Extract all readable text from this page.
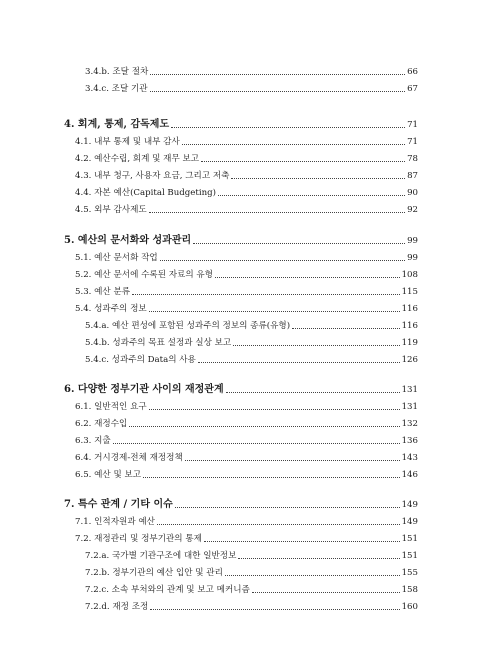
3.4.b. 조달 절차	66
3.4.c. 조달 기관	67
4. 회계, 통제, 감독제도	71
4.1. 내부 통제 및 내부 감사	71
4.2. 예산수립, 회계 및 재무 보고	78
4.3. 내부 청구, 사용자 요금, 그리고 저축	87
4.4. 자본 예산(Capital Budgeting)	90
4.5. 외부 감사제도	92
5. 예산의 문서화와 성과관리	99
5.1. 예산 문서화 작업	99
5.2. 예산 문서에 수록된 자료의 유형	108
5.3. 예산 분류	115
5.4. 성과주의 정보	116
5.4.a. 예산 편성에 포함된 성과주의 정보의 종류(유형)	116
5.4.b. 성과주의 목표 설정과 실상 보고	119
5.4.c. 성과주의 Data의 사용	126
6. 다양한 정부기관 사이의 재정관계	131
6.1. 일반적인 요구	131
6.2. 재정수입	132
6.3. 지출	136
6.4. 거시경제-전체 재정정책	143
6.5. 예산 및 보고	146
7. 특수 관계 / 기타 이슈	149
7.1. 인적자원과 예산	149
7.2. 재정관리 및 정부기관의 통제	151
7.2.a. 국가별 기관구조에 대한 일반정보	151
7.2.b. 정부기관의 예산 입안 및 관리	155
7.2.c. 소속 부처와의 관계 및 보고 메커니즘	158
7.2.d. 재정 조정	160
